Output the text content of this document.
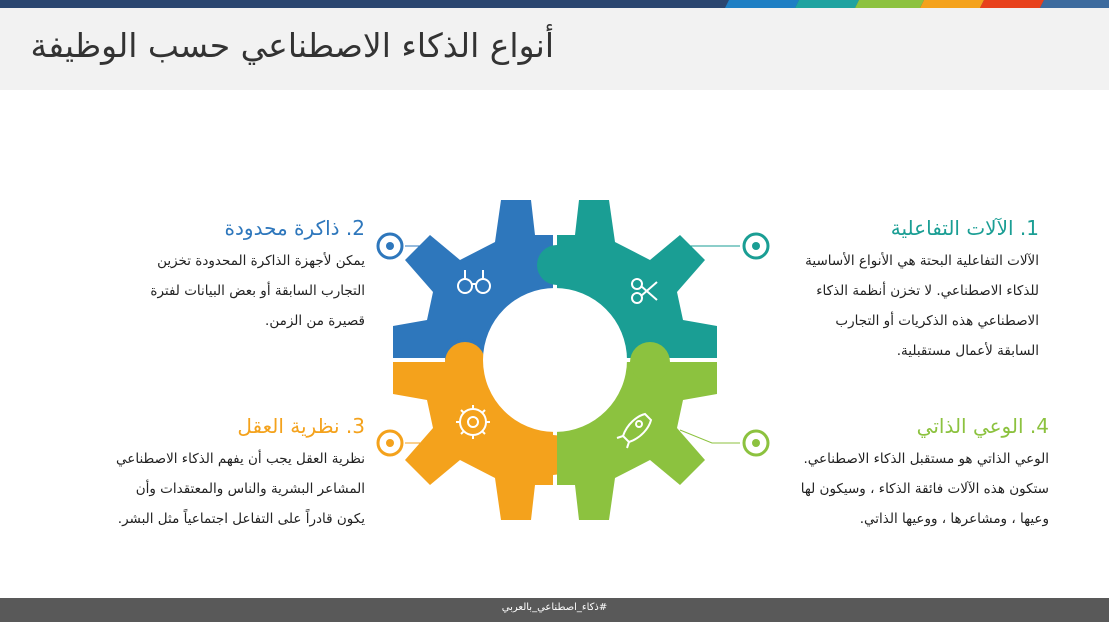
أنواع الذكاء الاصطناعي حسب الوظيفة
1. الآلات التفاعلية
الآلات التفاعلية البحتة هي الأنواع الأساسية
للذكاء الاصطناعي. لا تخزن أنظمة الذكاء
الاصطناعي هذه الذكريات أو التجارب
السابقة لأعمال مستقبلية.
2. ذاكرة محدودة
يمكن لأجهزة الذاكرة المحدودة تخزين
التجارب السابقة أو بعض البيانات لفترة
قصيرة من الزمن.
3. نظرية العقل
نظرية العقل يجب أن يفهم الذكاء الاصطناعي
المشاعر البشرية والناس والمعتقدات وأن
يكون قادراً على التفاعل اجتماعياً مثل البشر.
4. الوعي الذاتي
الوعي الذاتي هو مستقبل الذكاء الاصطناعي.
ستكون هذه الآلات فائقة الذكاء ، وسيكون لها
وعيها ، ومشاعرها ، ووعيها الذاتي.
#ذكاء_اصطناعي_بالعربي
